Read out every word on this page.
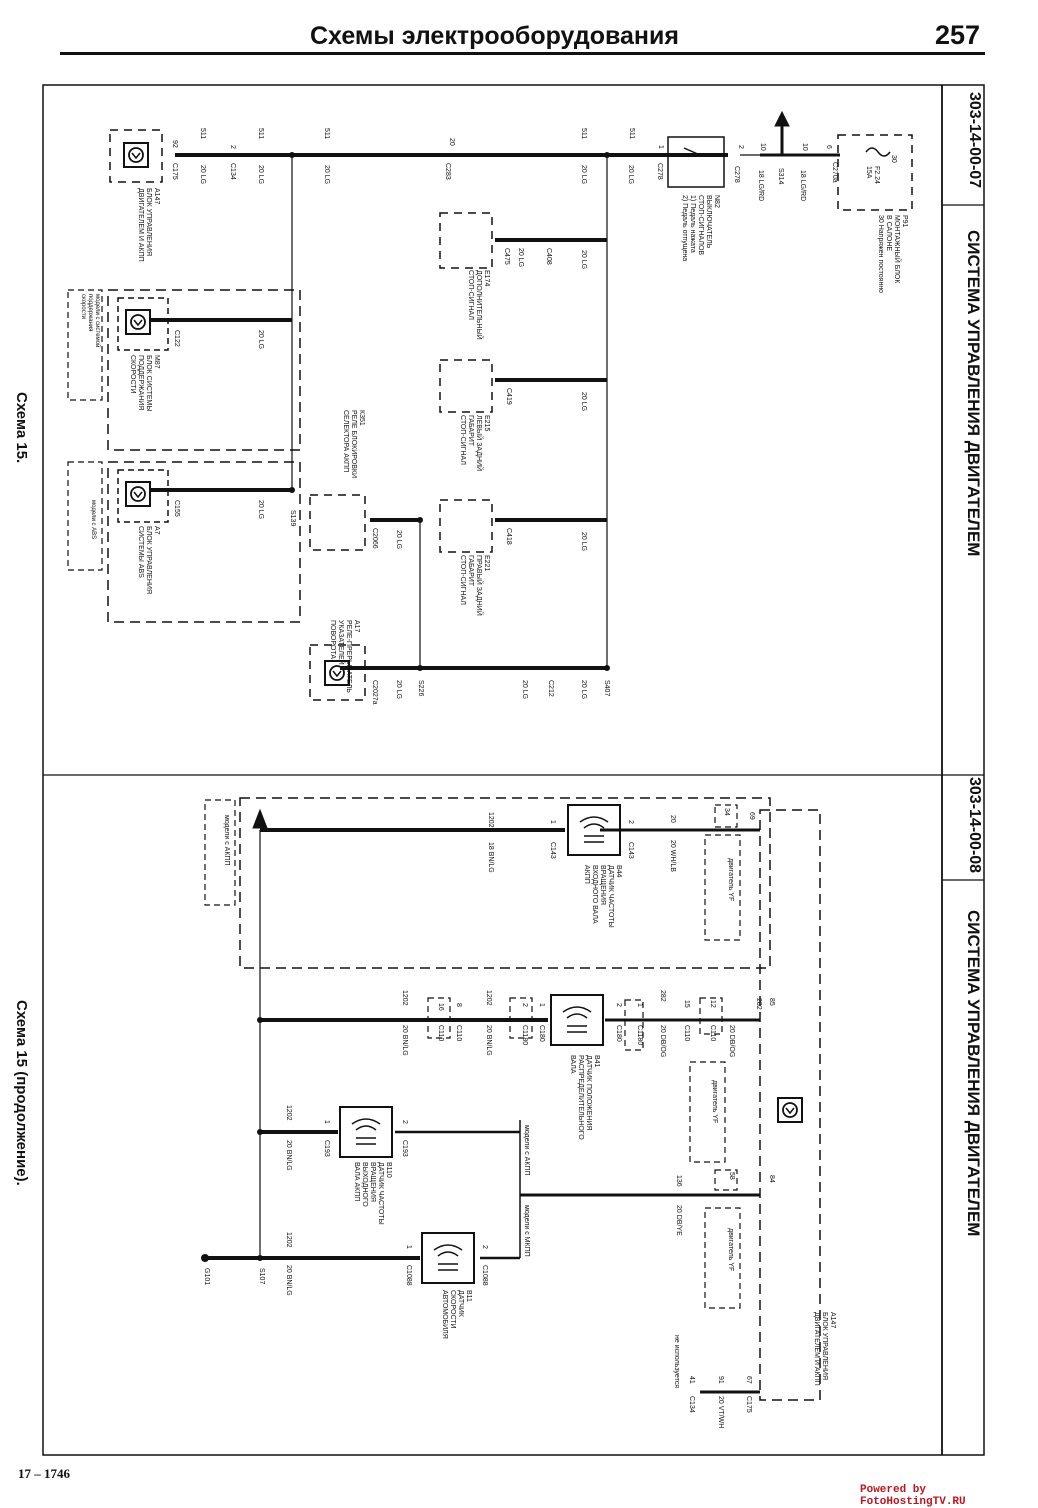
Схемы электрооборудования	257
303-14-00-07
СИСТЕМА УПРАВЛЕНИЯ ДВИГАТЕЛЕМ
Схема 15.
303-14-00-08
СИСТЕМА УПРАВЛЕНИЯ ДВИГАТЕЛЕМ
Схема 15 (продолжение).
Р91
МОНТАЖНЫЙ БЛОК
В САЛОНЕ
30 Напряжен постоянно
F2.24
15А
N82
ВЫКЛЮЧАТЕЛЬ
СТОП-СИГНАЛОВ
1) Педаль нажата
2) Педаль отпущена
А147
БЛОК УПРАВЛЕНИЯ
ДВИГАТЕЛЕМ И АКПП
Е174
ДОПОЛНИТЕЛЬНЫЙ
СТОП-СИГНАЛ
М87
БЛОК СИСТЕМЫ
ПОДДЕРЖАНИЯ
СКОРОСТИ
модели с системой
поддержания
скорости
Е215
ЛЕВЫЙ ЗАДНИЙ
ГАБАРИТ
СТОП-СИГНАЛ
К351
РЕЛЕ БЛОКИРОВКИ
СЕЛЕКТОРА АКПП
Е221
ПРАВЫЙ ЗАДНИЙ
ГАБАРИТ
СТОП-СИГНАЛ
А7
БЛОК УПРАВЛЕНИЯ
СИСТЕМЫ ABS
модели с ABS
А17
РЕЛЕ-ПРЕРЫВАТЕЛЬ
УКАЗАТЕЛЕЙ
ПОВОРОТА
C270a
18 LG/RD
S314
18 LG/RD
C278
C278
20 LG
20 LG
C283
20 LG
20 LG
C134
20 LG
C175
C408
20 LG
C475	20 LG
20 LG
C122
20 LG
C419
20 LG	S139
C155
20 LG
C418
20 LG
C2066
S407
20 LG
C212
20 LG
S226
20 LG
C2027a
10 6
10
2
1
511
511
20
511
511
2
511
92
30
А147
БЛОК УПРАВЛЕНИЯ
ДВИГАТЕЛЕМ И АКПП
В44
ДАТЧИК ЧАСТОТЫ
ВРАЩЕНИЯ
ВХОДНОГО ВАЛА
АКПП
В41
ДАТЧИК ПОЛОЖЕНИЯ
РАСПРЕДЕЛИТЕЛЬНОГО
ВАЛА
В110
ДАТЧИК ЧАСТОТЫ
ВРАЩЕНИЯ
ВЫХОДНОГО
ВАЛА АКПП
В11
ДАТЧИК
СКОРОСТИ
АВТОМОБИЛЯ
двигатель YF
двигатель YF
двигатель YF
модели с АКПП
модели с АКПП
модели с МКПП
не используется
69
34
20
20 WH/LB
2
C143
1
C143
1202
18 BN/LG
85
282
20 DB/OG
12
C110
15
C110
282
20 DB/OG
1
C1180
2
C180
1
C180
2
C1180
1202
20 BN/LG
8
C110
16
C110
1202
20 BN/LG
84
58
136
20 DB/YE
2
C193
1
C193
1202
20 BN/LG
2
C1088
1
C1088
1202
20 BN/LG
S107
G101
67
C175
91
20 VT/WH
41
C134
17 – 1746
Powered by FotoHostingTV.RU
